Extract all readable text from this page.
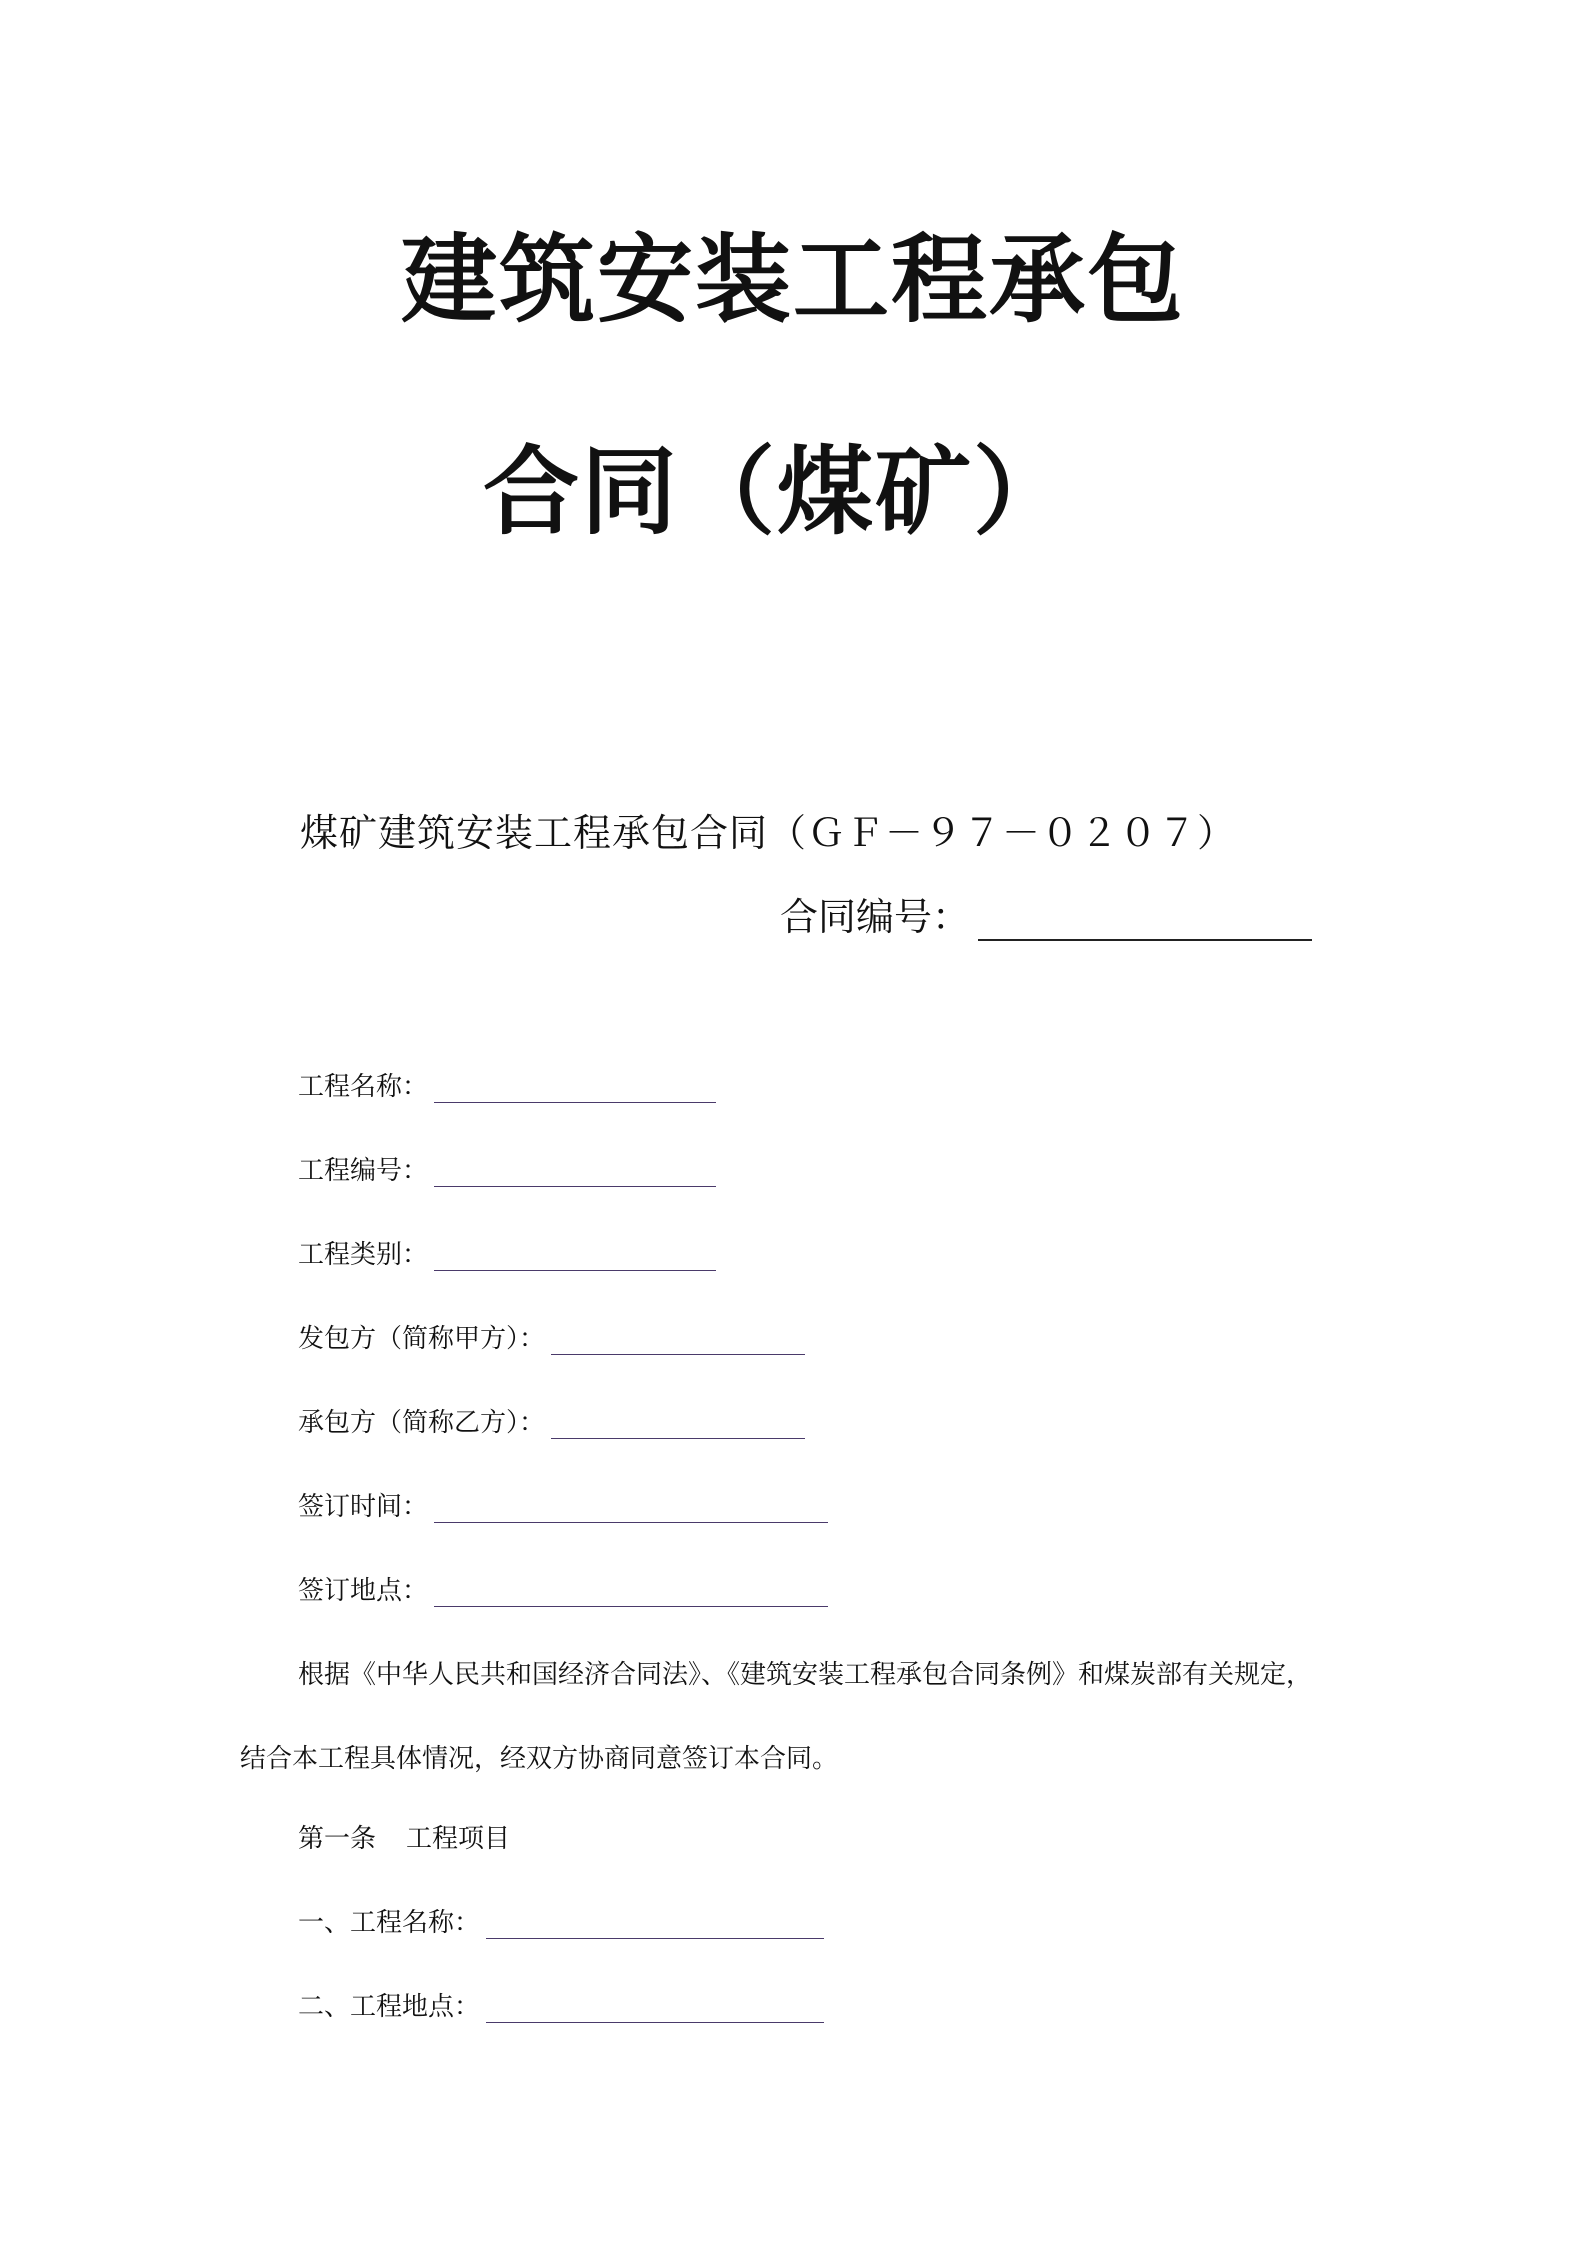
建筑安装工程承包
合同（煤矿）
煤矿建筑安装工程承包合同（ＧＦ－９７－０２０７）
合同编号：
工程名称：
工程编号：
工程类别：
发包方（简称甲方）：
承包方（简称乙方）：
签订时间：
签订地点：
根据《中华人民共和国经济合同法》、《建筑安装工程承包合同条例》和煤炭部有关规定，
结合本工程具体情况，经双方协商同意签订本合同。
第一条 工程项目
一、工程名称：
二、工程地点：
